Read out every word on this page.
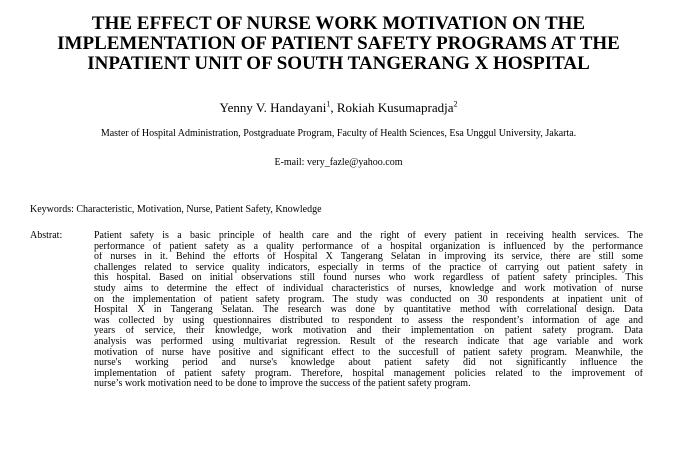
THE EFFECT OF NURSE WORK MOTIVATION ON THE
IMPLEMENTATION OF PATIENT SAFETY PROGRAMS AT THE
INPATIENT UNIT OF SOUTH TANGERANG X HOSPITAL
Yenny V. Handayani$^1$, Rokiah Kusumapradja$^2$
Master of Hospital Administration, Postgraduate Program, Faculty of Health Sciences, Esa Unggul University, Jakarta.
E-mail: very_fazle@yahoo.com
Keywords: Characteristic, Motivation, Nurse, Patient Safety, Knowledge
Abstrat:	Patient safety is a basic principle of health care and the right of every patient in receiving health services. The
performance of patient safety as a quality performance of a hospital organization is influenced by the performance
of nurses in it. Behind the efforts of Hospital X Tangerang Selatan in improving its service, there are still some
challenges related to service quality indicators, especially in terms of the practice of carrying out patient safety in
this hospital. Based on initial observations still found nurses who work regardless of patient safety principles. This
study aims to determine the effect of individual characteristics of nurses, knowledge and work motivation of nurse
on the implementation of patient safety program. The study was conducted on 30 respondents at inpatient unit of
Hospital X in Tangerang Selatan. The research was done by quantitative method with correlational design. Data
was collected by using questionnaires distributed to respondent to assess the respondent’s information of age and
years of service, their knowledge, work motivation and their implementation on patient safety program. Data
analysis was performed using multivariat regression. Result of the research indicate that age variable and work
motivation of nurse have positive and significant effect to the succesfull of patient safety program. Meanwhile, the
nurse's working period and nurse's knowledge about patient safety did not significantly influence the
implementation of patient safety program. Therefore, hospital management policies related to the improvement of
nurse’s work motivation need to be done to improve the success of the patient safety program.
